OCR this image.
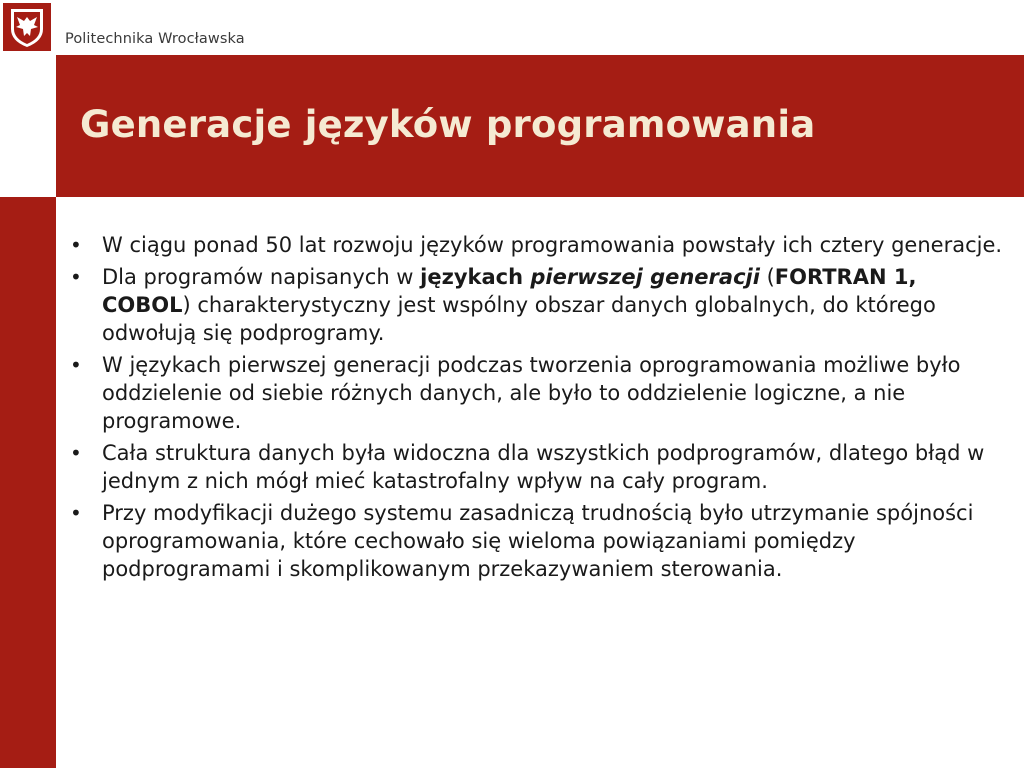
Politechnika Wrocławska
Generacje języków programowania
• W ciągu ponad 50 lat rozwoju języków programowania powstały ich cztery generacje.
• Dla programów napisanych w językach pierwszej generacji (FORTRAN 1, COBOL) charakterystyczny jest wspólny obszar danych globalnych, do którego odwołują się podprogramy.
• W językach pierwszej generacji podczas tworzenia oprogramowania możliwe było oddzielenie od siebie różnych danych, ale było to oddzielenie logiczne, a nie programowe.
• Cała struktura danych była widoczna dla wszystkich podprogramów, dlatego błąd w jednym z nich mógł mieć katastrofalny wpływ na cały program.
• Przy modyfikacji dużego systemu zasadniczą trudnością było utrzymanie spójności oprogramowania, które cechowało się wieloma powiązaniami pomiędzy podprogramami i skomplikowanym przekazywaniem sterowania.
